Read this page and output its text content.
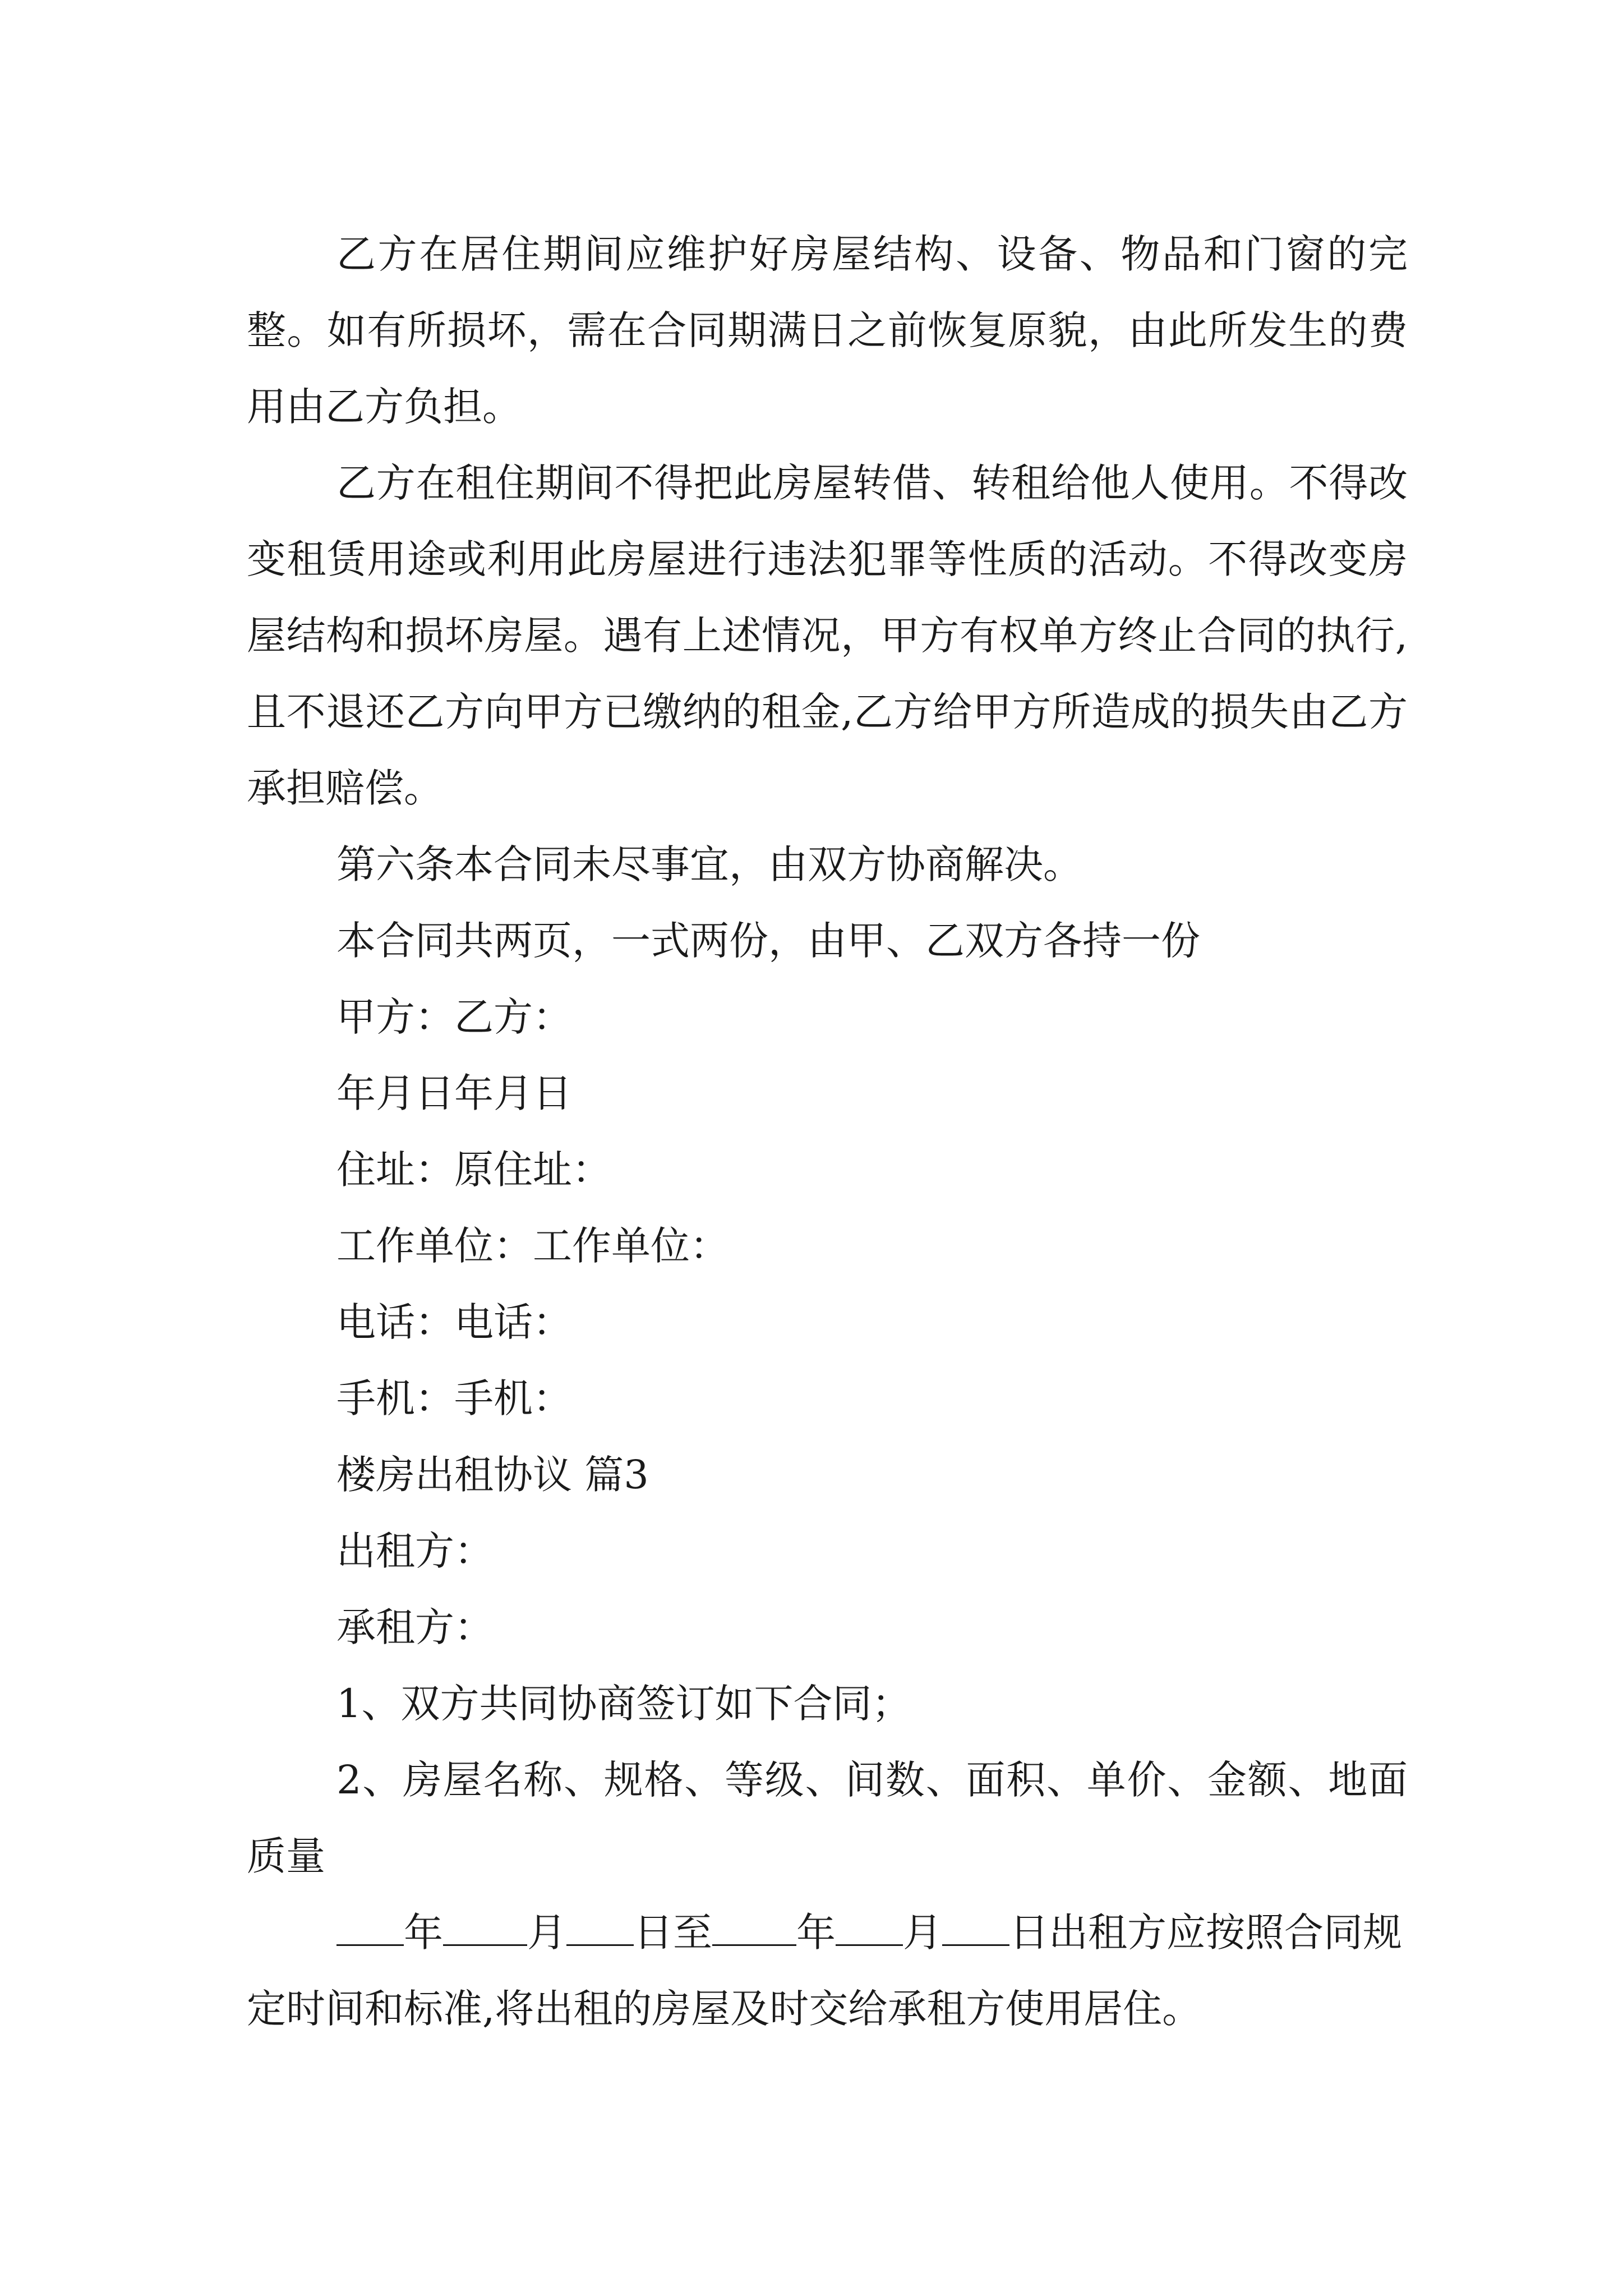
乙方在居住期间应维护好房屋结构、设备、物品和门窗的完整。如有所损坏，需在合同期满日之前恢复原貌，由此所发生的费用由乙方负担。

乙方在租住期间不得把此房屋转借、转租给他人使用。不得改变租赁用途或利用此房屋进行违法犯罪等性质的活动。不得改变房屋结构和损坏房屋。遇有上述情况，甲方有权单方终止合同的执行,且不退还乙方向甲方已缴纳的租金,乙方给甲方所造成的损失由乙方承担赔偿。

第六条本合同未尽事宜，由双方协商解决。

本合同共两页，一式两份，由甲、乙双方各持一份

甲方：乙方：

年月日年月日

住址：原住址：

工作单位：工作单位：

电话：电话：

手机：手机：

楼房出租协议 篇3

出租方：

承租方：

1、双方共同协商签订如下合同；

2、房屋名称、规格、等级、间数、面积、单价、金额、地面质量

年 月 日至 年 月 日出租方应按照合同规定时间和标准,将出租的房屋及时交给承租方使用居住。
